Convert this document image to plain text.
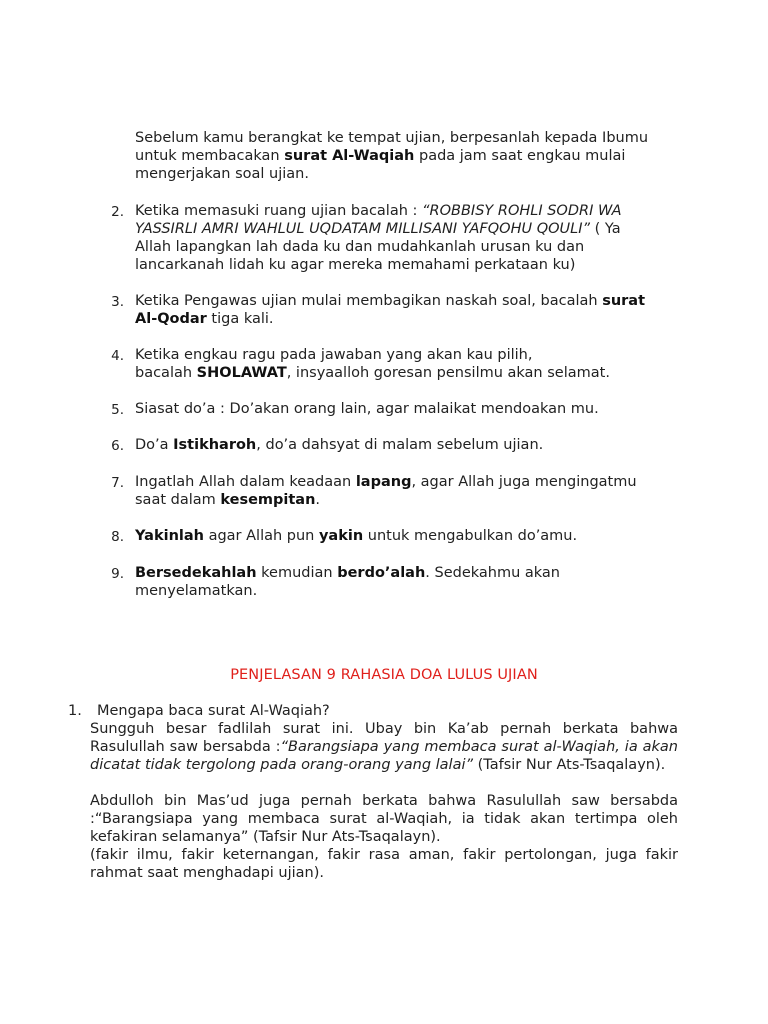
Sebelum kamu berangkat ke tempat ujian, berpesanlah kepada Ibumu
untuk membacakan surat Al-Waqiah pada jam saat engkau mulai
mengerjakan soal ujian.
2. Ketika memasuki ruang ujian bacalah : “ROBBISY ROHLI SODRI WA
YASSIRLI AMRI WAHLUL UQDATAM MILLISANI YAFQOHU QOULI” ( Ya
Allah lapangkan lah dada ku dan mudahkanlah urusan ku dan
lancarkanah lidah ku agar mereka memahami perkataan ku)
3. Ketika Pengawas ujian mulai membagikan naskah soal, bacalah surat
Al-Qodar tiga kali.
4. Ketika engkau ragu pada jawaban yang akan kau pilih,
bacalah SHOLAWAT, insyaalloh goresan pensilmu akan selamat.
5. Siasat do’a : Do’akan orang lain, agar malaikat mendoakan mu.
6. Do’a Istikharoh, do’a dahsyat di malam sebelum ujian.
7. Ingatlah Allah dalam keadaan lapang, agar Allah juga mengingatmu
saat dalam kesempitan.
8. Yakinlah agar Allah pun yakin untuk mengabulkan do’amu.
9. Bersedekahlah kemudian berdo’alah. Sedekahmu akan
menyelamatkan.
PENJELASAN 9 RAHASIA DOA LULUS UJIAN
1. Mengapa baca surat Al-Waqiah?
Sungguh besar fadlilah surat ini. Ubay bin Ka’ab pernah berkata bahwa Rasulullah saw bersabda :“Barangsiapa yang membaca surat al-Waqiah, ia akan dicatat tidak tergolong pada orang-orang yang lalai” (Tafsir Nur Ats-Tsaqalayn).
Abdulloh bin Mas’ud juga pernah berkata bahwa Rasulullah saw bersabda :“Barangsiapa yang membaca surat al-Waqiah, ia tidak akan tertimpa oleh kefakiran selamanya” (Tafsir Nur Ats-Tsaqalayn).
(fakir ilmu, fakir keternangan, fakir rasa aman, fakir pertolongan, juga fakir rahmat saat menghadapi ujian).
